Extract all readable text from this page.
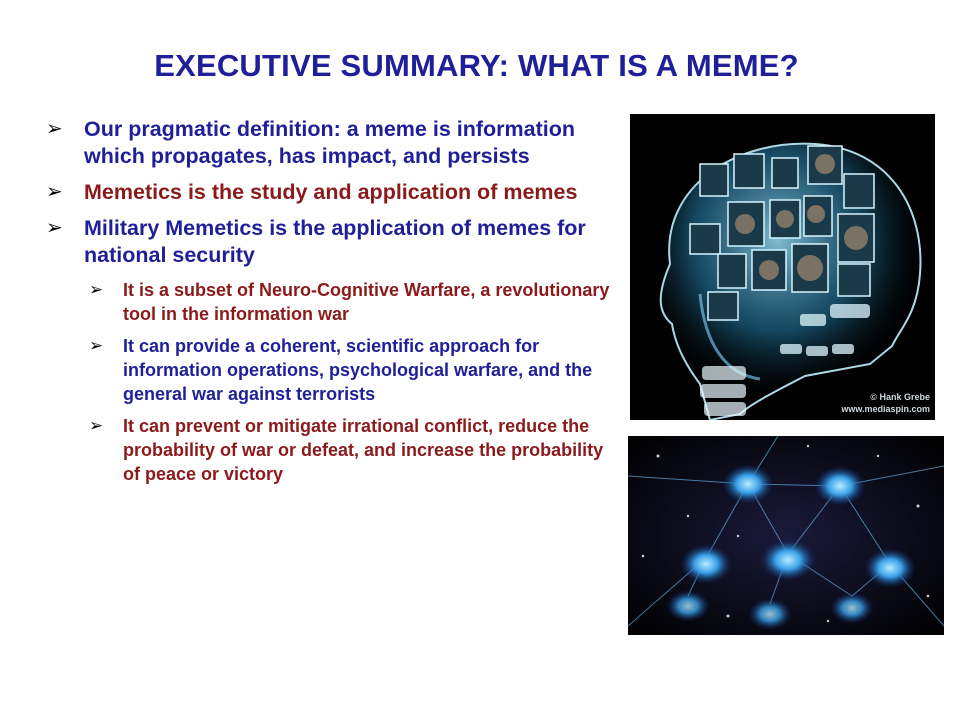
EXECUTIVE SUMMARY: WHAT IS A MEME?
➢ Our pragmatic definition: a meme is information which propagates, has impact, and persists
➢ Memetics is the study and application of memes
➢ Military Memetics is the application of memes for national security
➢ It is a subset of Neuro-Cognitive Warfare, a revolutionary tool in the information war
➢ It can provide a coherent, scientific approach for information operations, psychological warfare, and the general war against terrorists
➢ It can prevent or mitigate irrational conflict, reduce the probability of war or defeat, and increase the probability of peace or victory
© Hank Grebe
www.mediaspin.com
